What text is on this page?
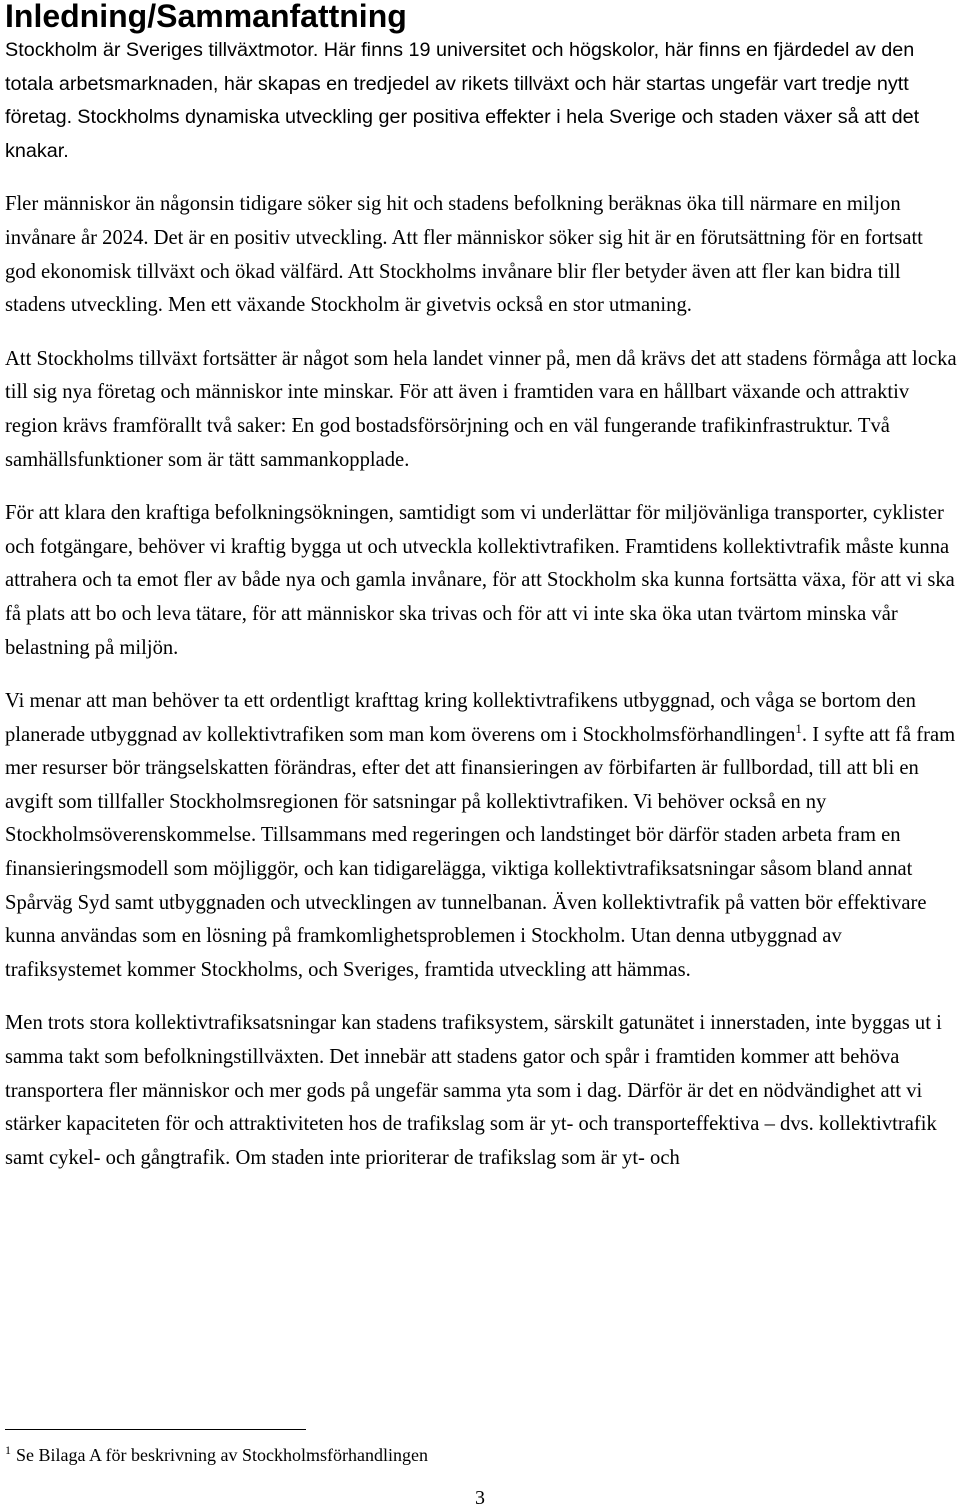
Inledning/Sammanfattning

Stockholm är Sveriges tillväxtmotor. Här finns 19 universitet och högskolor, här finns en fjärdedel av den totala arbetsmarknaden, här skapas en tredjedel av rikets tillväxt och här startas ungefär vart tredje nytt företag. Stockholms dynamiska utveckling ger positiva effekter i hela Sverige och staden växer så att det knakar.

Fler människor än någonsin tidigare söker sig hit och stadens befolkning beräknas öka till närmare en miljon invånare år 2024. Det är en positiv utveckling. Att fler människor söker sig hit är en förutsättning för en fortsatt god ekonomisk tillväxt och ökad välfärd. Att Stockholms invånare blir fler betyder även att fler kan bidra till stadens utveckling. Men ett växande Stockholm är givetvis också en stor utmaning.

Att Stockholms tillväxt fortsätter är något som hela landet vinner på, men då krävs det att stadens förmåga att locka till sig nya företag och människor inte minskar. För att även i framtiden vara en hållbart växande och attraktiv region krävs framförallt två saker: En god bostadsförsörjning och en väl fungerande trafikinfrastruktur. Två samhällsfunktioner som är tätt sammankopplade.

För att klara den kraftiga befolkningsökningen, samtidigt som vi underlättar för miljövänliga transporter, cyklister och fotgängare, behöver vi kraftig bygga ut och utveckla kollektivtrafiken. Framtidens kollektivtrafik måste kunna attrahera och ta emot fler av både nya och gamla invånare, för att Stockholm ska kunna fortsätta växa, för att vi ska få plats att bo och leva tätare, för att människor ska trivas och för att vi inte ska öka utan tvärtom minska vår belastning på miljön.

Vi menar att man behöver ta ett ordentligt krafttag kring kollektivtrafikens utbyggnad, och våga se bortom den planerade utbyggnad av kollektivtrafiken som man kom överens om i Stockholmsförhandlingen$^1$. I syfte att få fram mer resurser bör trängselskatten förändras, efter det att finansieringen av förbifarten är fullbordad, till att bli en avgift som tillfaller Stockholmsregionen för satsningar på kollektivtrafiken. Vi behöver också en ny Stockholmsöverenskommelse. Tillsammans med regeringen och landstinget bör därför staden arbeta fram en finansieringsmodell som möjliggör, och kan tidigarelägga, viktiga kollektivtrafiksatsningar såsom bland annat Spårväg Syd samt utbyggnaden och utvecklingen av tunnelbanan. Även kollektivtrafik på vatten bör effektivare kunna användas som en lösning på framkomlighetsproblemen i Stockholm. Utan denna utbyggnad av trafiksystemet kommer Stockholms, och Sveriges, framtida utveckling att hämmas.

Men trots stora kollektivtrafiksatsningar kan stadens trafiksystem, särskilt gatunätet i innerstaden, inte byggas ut i samma takt som befolkningstillväxten. Det innebär att stadens gator och spår i framtiden kommer att behöva transportera fler människor och mer gods på ungefär samma yta som i dag. Därför är det en nödvändighet att vi stärker kapaciteten för och attraktiviteten hos de trafikslag som är yt- och transporteffektiva – dvs. kollektivtrafik samt cykel- och gångtrafik. Om staden inte prioriterar de trafikslag som är yt- och

$^1$ Se Bilaga A för beskrivning av Stockholmsförhandlingen

3
